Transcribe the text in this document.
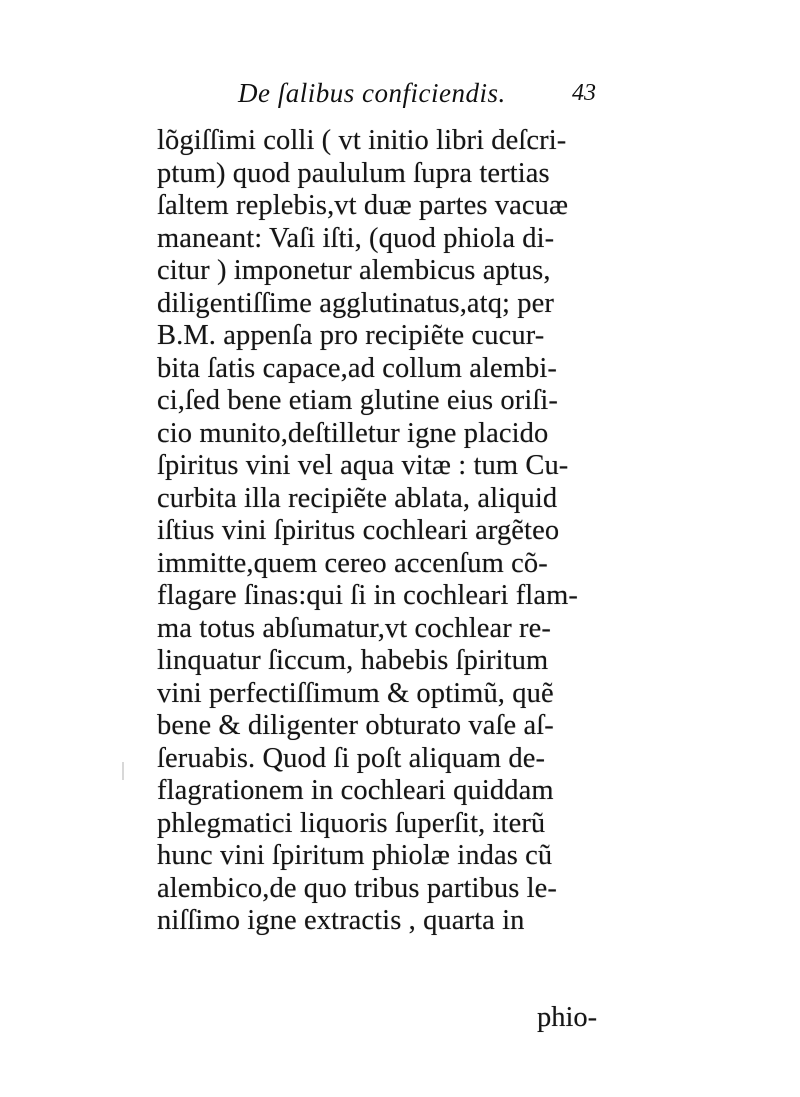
De ſalibus conficiendis.	43
lõgiſſimi colli ( vt initio libri deſcri-
ptum) quod paululum ſupra tertias
ſaltem replebis,vt duæ partes vacuæ
maneant: Vaſi iſti, (quod phiola di-
citur ) imponetur alembicus aptus,
diligentiſſime agglutinatus,atq; per
B.M. appenſa pro recipiẽte cucur-
bita ſatis capace,ad collum alembi-
ci,ſed bene etiam glutine eius oriſi-
cio munito,deſtilletur igne placido
ſpiritus vini vel aqua vitæ : tum Cu-
curbita illa recipiẽte ablata, aliquid
iſtius vini ſpiritus cochleari argẽteo
immitte,quem cereo accenſum cõ-
flagare ſinas:qui ſi in cochleari flam-
ma totus abſumatur,vt cochlear re-
linquatur ſiccum, habebis ſpiritum
vini perfectiſſimum & optimũ, quẽ
bene & diligenter obturato vaſe aſ-
ſeruabis. Quod ſi poſt aliquam de-
flagrationem in cochleari quiddam
phlegmatici liquoris ſuperſit, iterũ
hunc vini ſpiritum phiolæ indas cũ
alembico,de quo tribus partibus le-
niſſimo igne extractis , quarta in
phio-
